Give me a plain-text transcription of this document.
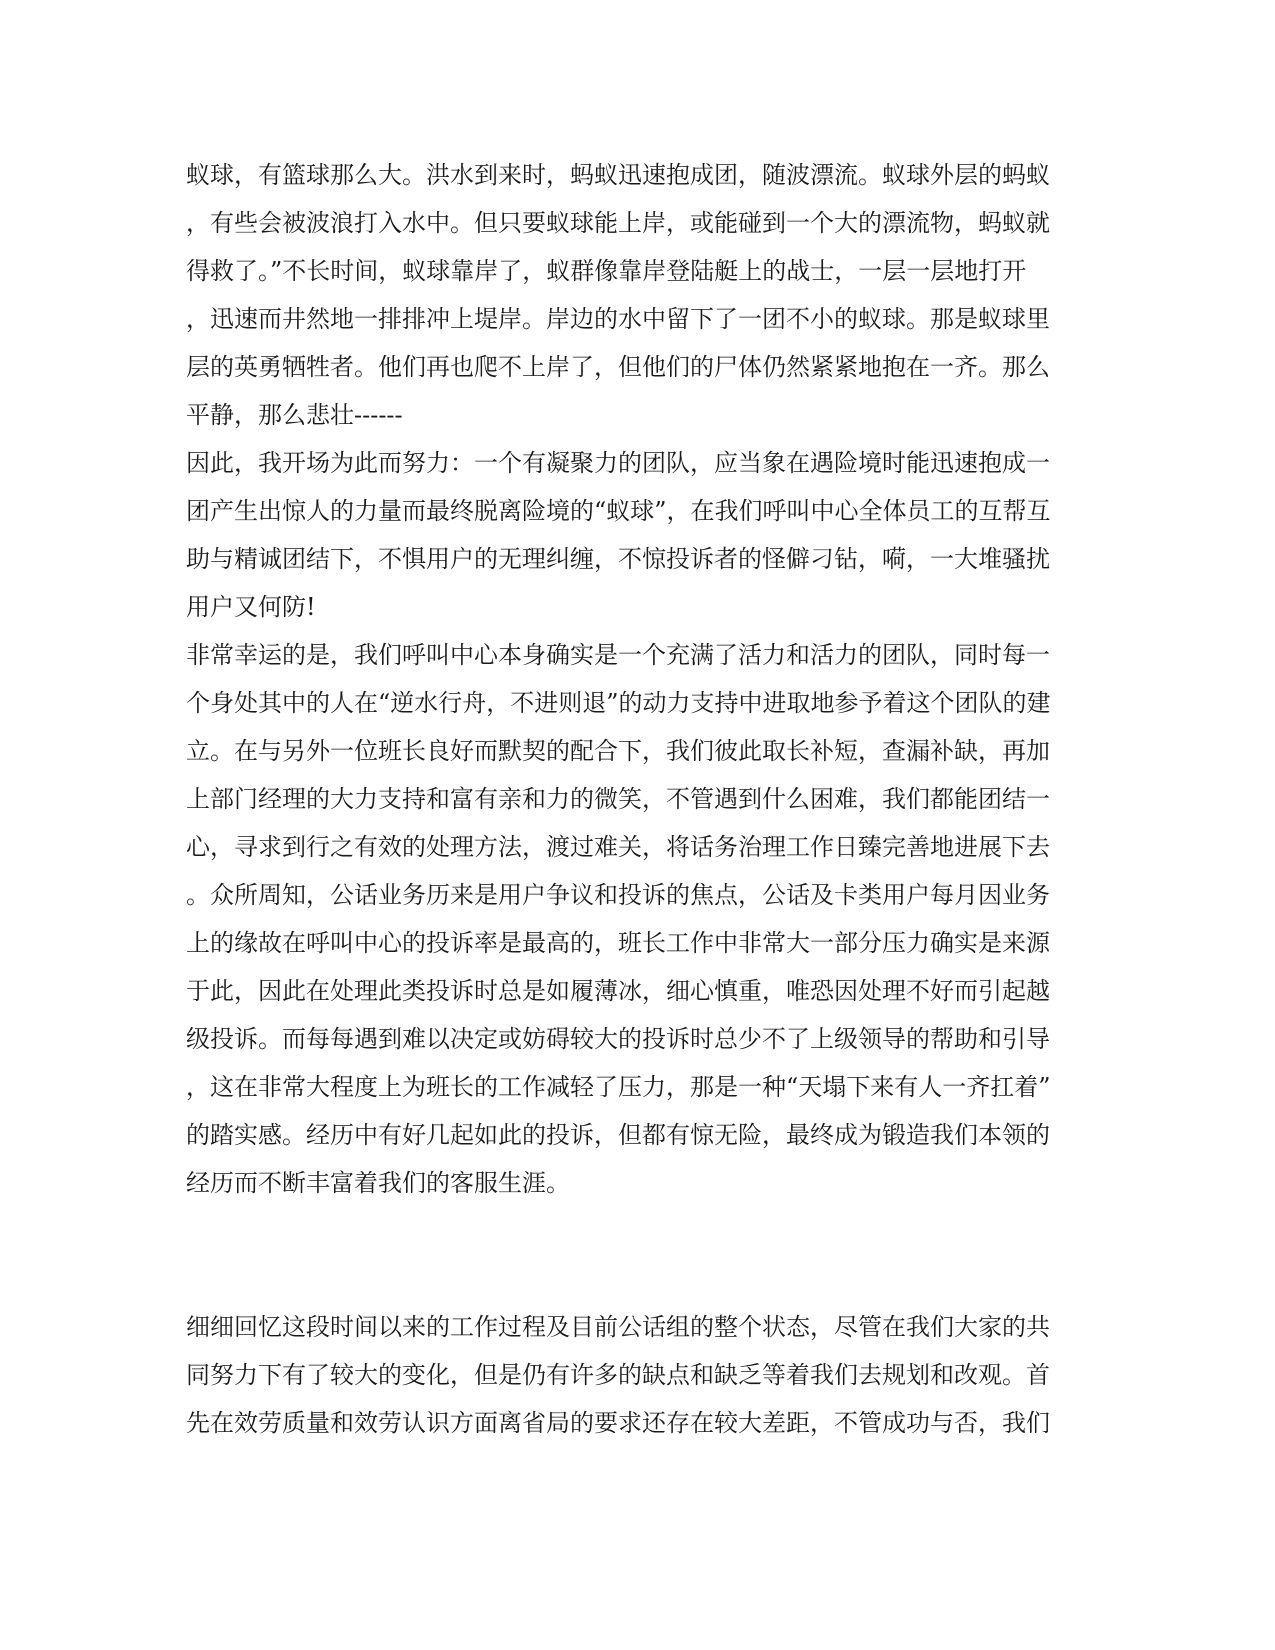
蚁球，有篮球那么大。洪水到来时，蚂蚁迅速抱成团，随波漂流。蚁球外层的蚂蚁
，有些会被波浪打入水中。但只要蚁球能上岸，或能碰到一个大的漂流物，蚂蚁就
得救了。”不长时间，蚁球靠岸了，蚁群像靠岸登陆艇上的战士，一层一层地打开
，迅速而井然地一排排冲上堤岸。岸边的水中留下了一团不小的蚁球。那是蚁球里
层的英勇牺牲者。他们再也爬不上岸了，但他们的尸体仍然紧紧地抱在一齐。那么
平静，那么悲壮------
因此，我开场为此而努力：一个有凝聚力的团队，应当象在遇险境时能迅速抱成一
团产生出惊人的力量而最终脱离险境的“蚁球”，在我们呼叫中心全体员工的互帮互
助与精诚团结下，不惧用户的无理纠缠，不惊投诉者的怪僻刁钻，嗬，一大堆骚扰
用户又何防!
非常幸运的是，我们呼叫中心本身确实是一个充满了活力和活力的团队，同时每一
个身处其中的人在“逆水行舟，不进则退”的动力支持中进取地参予着这个团队的建
立。在与另外一位班长良好而默契的配合下，我们彼此取长补短，查漏补缺，再加
上部门经理的大力支持和富有亲和力的微笑，不管遇到什么困难，我们都能团结一
心，寻求到行之有效的处理方法，渡过难关，将话务治理工作日臻完善地进展下去
。众所周知，公话业务历来是用户争议和投诉的焦点，公话及卡类用户每月因业务
上的缘故在呼叫中心的投诉率是最高的，班长工作中非常大一部分压力确实是来源
于此，因此在处理此类投诉时总是如履薄冰，细心慎重，唯恐因处理不好而引起越
级投诉。而每每遇到难以决定或妨碍较大的投诉时总少不了上级领导的帮助和引导
，这在非常大程度上为班长的工作减轻了压力，那是一种“天塌下来有人一齐扛着”
的踏实感。经历中有好几起如此的投诉，但都有惊无险，最终成为锻造我们本领的
经历而不断丰富着我们的客服生涯。
细细回忆这段时间以来的工作过程及目前公话组的整个状态，尽管在我们大家的共
同努力下有了较大的变化，但是仍有许多的缺点和缺乏等着我们去规划和改观。首
先在效劳质量和效劳认识方面离省局的要求还存在较大差距，不管成功与否，我们
